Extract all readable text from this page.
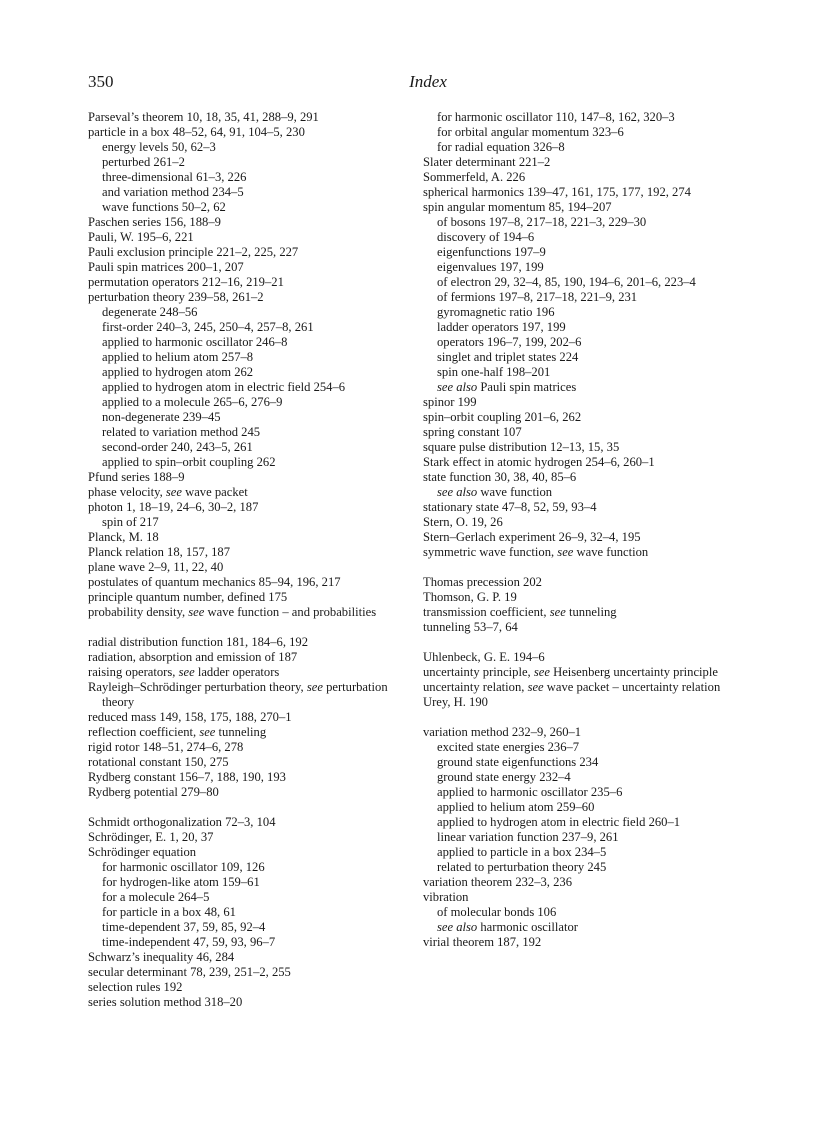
350	Index
Parseval’s theorem 10, 18, 35, 41, 288–9, 291
particle in a box 48–52, 64, 91, 104–5, 230
energy levels 50, 62–3
perturbed 261–2
three-dimensional 61–3, 226
and variation method 234–5
wave functions 50–2, 62
Paschen series 156, 188–9
Pauli, W. 195–6, 221
Pauli exclusion principle 221–2, 225, 227
Pauli spin matrices 200–1, 207
permutation operators 212–16, 219–21
perturbation theory 239–58, 261–2
degenerate 248–56
first-order 240–3, 245, 250–4, 257–8, 261
applied to harmonic oscillator 246–8
applied to helium atom 257–8
applied to hydrogen atom 262
applied to hydrogen atom in electric field 254–6
applied to a molecule 265–6, 276–9
non-degenerate 239–45
related to variation method 245
second-order 240, 243–5, 261
applied to spin–orbit coupling 262
Pfund series 188–9
phase velocity, see wave packet
photon 1, 18–19, 24–6, 30–2, 187
spin of 217
Planck, M. 18
Planck relation 18, 157, 187
plane wave 2–9, 11, 22, 40
postulates of quantum mechanics 85–94, 196, 217
principle quantum number, defined 175
probability density, see wave function – and probabilities
radial distribution function 181, 184–6, 192
radiation, absorption and emission of 187
raising operators, see ladder operators
Rayleigh–Schrödinger perturbation theory, see perturbation theory
reduced mass 149, 158, 175, 188, 270–1
reflection coefficient, see tunneling
rigid rotor 148–51, 274–6, 278
rotational constant 150, 275
Rydberg constant 156–7, 188, 190, 193
Rydberg potential 279–80
Schmidt orthogonalization 72–3, 104
Schrödinger, E. 1, 20, 37
Schrödinger equation
for harmonic oscillator 109, 126
for hydrogen-like atom 159–61
for a molecule 264–5
for particle in a box 48, 61
time-dependent 37, 59, 85, 92–4
time-independent 47, 59, 93, 96–7
Schwarz’s inequality 46, 284
secular determinant 78, 239, 251–2, 255
selection rules 192
series solution method 318–20
for harmonic oscillator 110, 147–8, 162, 320–3
for orbital angular momentum 323–6
for radial equation 326–8
Slater determinant 221–2
Sommerfeld, A. 226
spherical harmonics 139–47, 161, 175, 177, 192, 274
spin angular momentum 85, 194–207
of bosons 197–8, 217–18, 221–3, 229–30
discovery of 194–6
eigenfunctions 197–9
eigenvalues 197, 199
of electron 29, 32–4, 85, 190, 194–6, 201–6, 223–4
of fermions 197–8, 217–18, 221–9, 231
gyromagnetic ratio 196
ladder operators 197, 199
operators 196–7, 199, 202–6
singlet and triplet states 224
spin one-half 198–201
see also Pauli spin matrices
spinor 199
spin–orbit coupling 201–6, 262
spring constant 107
square pulse distribution 12–13, 15, 35
Stark effect in atomic hydrogen 254–6, 260–1
state function 30, 38, 40, 85–6
see also wave function
stationary state 47–8, 52, 59, 93–4
Stern, O. 19, 26
Stern–Gerlach experiment 26–9, 32–4, 195
symmetric wave function, see wave function
Thomas precession 202
Thomson, G. P. 19
transmission coefficient, see tunneling
tunneling 53–7, 64
Uhlenbeck, G. E. 194–6
uncertainty principle, see Heisenberg uncertainty principle
uncertainty relation, see wave packet – uncertainty relation
Urey, H. 190
variation method 232–9, 260–1
excited state energies 236–7
ground state eigenfunctions 234
ground state energy 232–4
applied to harmonic oscillator 235–6
applied to helium atom 259–60
applied to hydrogen atom in electric field 260–1
linear variation function 237–9, 261
applied to particle in a box 234–5
related to perturbation theory 245
variation theorem 232–3, 236
vibration
of molecular bonds 106
see also harmonic oscillator
virial theorem 187, 192
